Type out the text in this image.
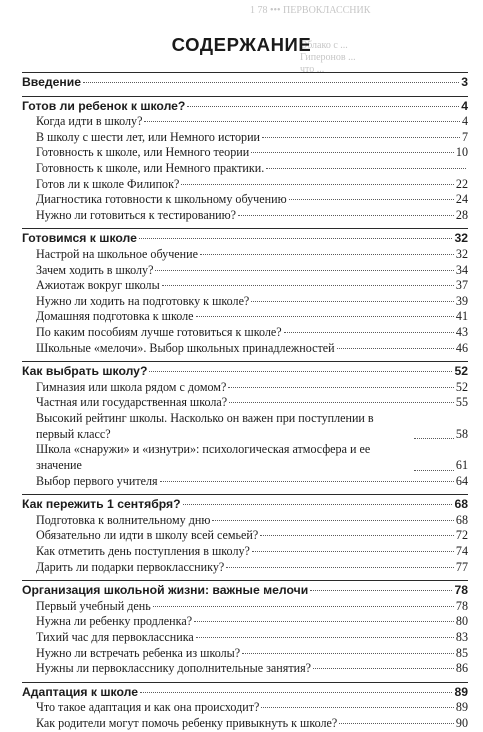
1 78 ••• ПЕРВОКЛАССНИК
Облако с ...
Гиперонов ...
что ...
СОДЕРЖАНИЕ
Введение	3
Готов ли ребенок к школе?	4
Когда идти в школу?	4
В школу с шести лет, или Немного истории	7
Готовность к школе, или Немного теории	10
Готовность к школе, или Немного практики.
Готов ли к школе Филипок?	22
Диагностика готовности к школьному обучению	24
Нужно ли готовиться к тестированию?	28
Готовимся к школе	32
Настрой на школьное обучение	32
Зачем ходить в школу?	34
Ажиотаж вокруг школы	37
Нужно ли ходить на подготовку к школе?	39
Домашняя подготовка к школе	41
По каким пособиям лучше готовиться к школе?	43
Школьные «мелочи». Выбор школьных принадлежностей	46
Как выбрать школу?	52
Гимназия или школа рядом с домом?	52
Частная или государственная школа?	55
Высокий рейтинг школы. Насколько он важен при поступлении в первый класс?	58
Школа «снаружи» и «изнутри»: психологическая атмосфера и ее значение	61
Выбор первого учителя	64
Как пережить 1 сентября?	68
Подготовка к волнительному дню	68
Обязательно ли идти в школу всей семьей?	72
Как отметить день поступления в школу?	74
Дарить ли подарки первокласснику?	77
Организация школьной жизни: важные мелочи	78
Первый учебный день	78
Нужна ли ребенку продленка?	80
Тихий час для первоклассника	83
Нужно ли встречать ребенка из школы?	85
Нужны ли первокласснику дополнительные занятия?	86
Адаптация к школе	89
Что такое адаптация и как она происходит?	89
Как родители могут помочь ребенку привыкнуть к школе?	90
